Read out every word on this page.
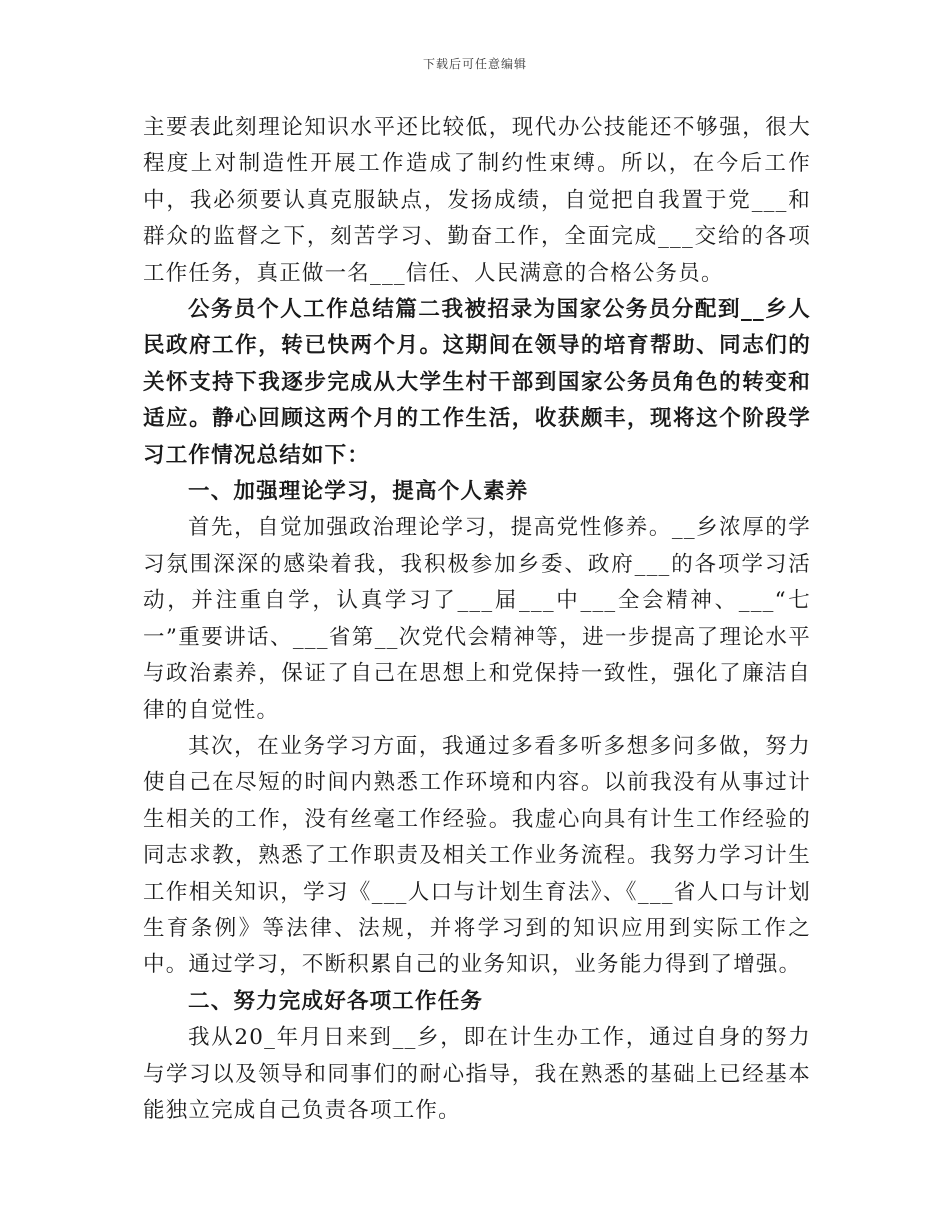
下载后可任意编辑

主要表此刻理论知识水平还比较低，现代办公技能还不够强，很大程度上对制造性开展工作造成了制约性束缚。所以，在今后工作中，我必须要认真克服缺点，发扬成绩，自觉把自我置于党___和群众的监督之下，刻苦学习、勤奋工作，全面完成___交给的各项工作任务，真正做一名___信任、人民满意的合格公务员。

公务员个人工作总结篇二我被招录为国家公务员分配到__乡人民政府工作，转已快两个月。这期间在领导的培育帮助、同志们的关怀支持下我逐步完成从大学生村干部到国家公务员角色的转变和适应。静心回顾这两个月的工作生活，收获颇丰，现将这个阶段学习工作情况总结如下：

一、加强理论学习，提高个人素养

首先，自觉加强政治理论学习，提高党性修养。__乡浓厚的学习氛围深深的感染着我，我积极参加乡委、政府___的各项学习活动，并注重自学，认真学习了___届___中___全会精神、___“七一”重要讲话、___省第__次党代会精神等，进一步提高了理论水平与政治素养，保证了自己在思想上和党保持一致性，强化了廉洁自律的自觉性。

其次，在业务学习方面，我通过多看多听多想多问多做，努力使自己在尽短的时间内熟悉工作环境和内容。以前我没有从事过计生相关的工作，没有丝毫工作经验。我虚心向具有计生工作经验的同志求教，熟悉了工作职责及相关工作业务流程。我努力学习计生工作相关知识，学习《___人口与计划生育法》、《___省人口与计划生育条例》等法律、法规，并将学习到的知识应用到实际工作之中。通过学习，不断积累自己的业务知识，业务能力得到了增强。

二、努力完成好各项工作任务

我从20_年月日来到__乡，即在计生办工作，通过自身的努力与学习以及领导和同事们的耐心指导，我在熟悉的基础上已经基本能独立完成自己负责各项工作。
